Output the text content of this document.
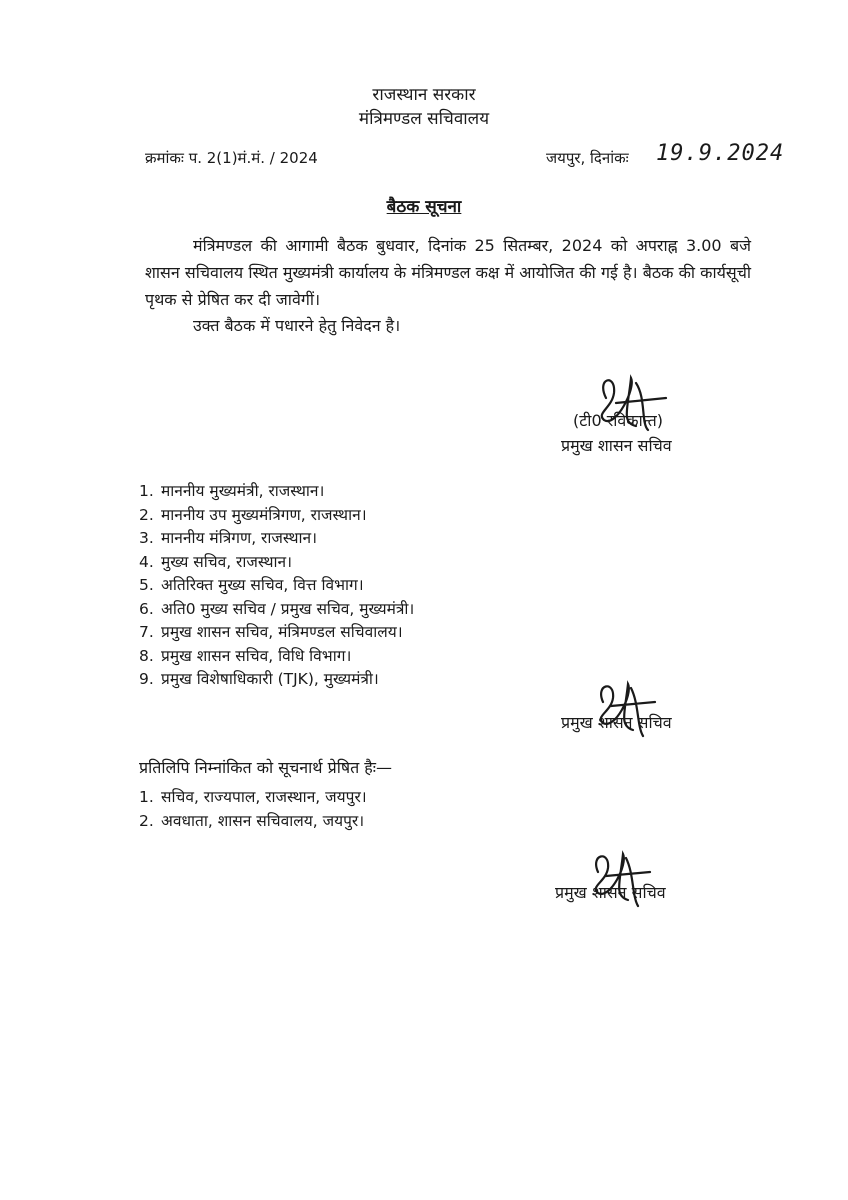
राजस्थान सरकार
मंत्रिमण्डल सचिवालय
क्रमांकः प. 2(1)मं.मं. / 2024	जयपुर, दिनांकः 19.9.2024
बैठक सूचना
मंत्रिमण्डल की आगामी बैठक बुधवार, दिनांक 25 सितम्बर, 2024 को अपराह्न 3.00 बजे शासन सचिवालय स्थित मुख्यमंत्री कार्यालय के मंत्रिमण्डल कक्ष में आयोजित की गई है। बैठक की कार्यसूची पृथक से प्रेषित कर दी जावेगीं।
उक्त बैठक में पधारने हेतु निवेदन है।
(टी0 रविकान्त)
प्रमुख शासन सचिव
1. माननीय मुख्यमंत्री, राजस्थान।
2. माननीय उप मुख्यमंत्रिगण, राजस्थान।
3. माननीय मंत्रिगण, राजस्थान।
4. मुख्य सचिव, राजस्थान।
5. अतिरिक्त मुख्य सचिव, वित्त विभाग।
6. अति0 मुख्य सचिव / प्रमुख सचिव, मुख्यमंत्री।
7. प्रमुख शासन सचिव, मंत्रिमण्डल सचिवालय।
8. प्रमुख शासन सचिव, विधि विभाग।
9. प्रमुख विशेषाधिकारी (TJK), मुख्यमंत्री।
प्रमुख शासन सचिव
प्रतिलिपि निम्नांकित को सूचनार्थ प्रेषित हैः—
1. सचिव, राज्यपाल, राजस्थान, जयपुर।
2. अवधाता, शासन सचिवालय, जयपुर।
प्रमुख शासन सचिव
